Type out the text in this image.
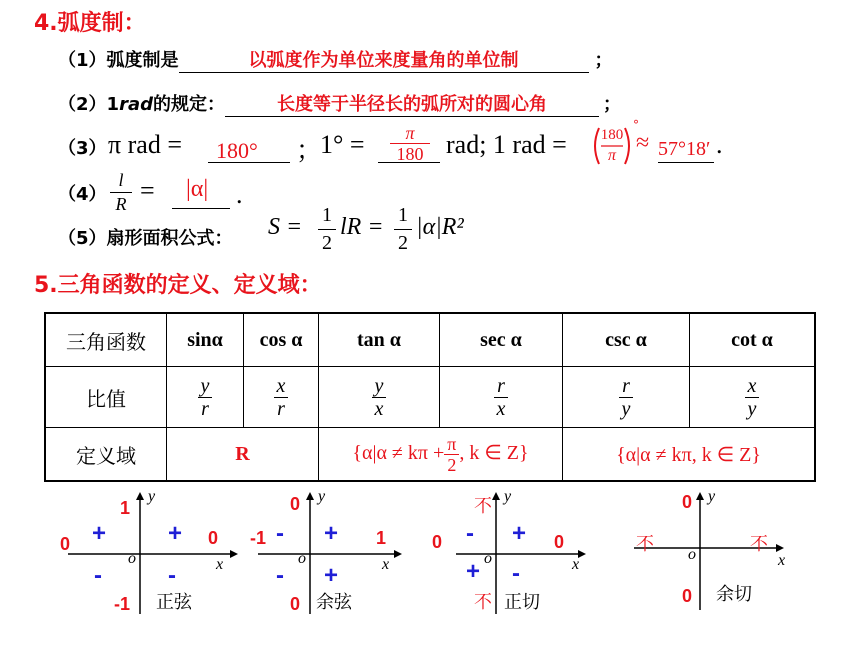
4.弧度制：
（1）弧度制是	以弧度作为单位来度量角的单位制	；
（2）1rad的规定：	长度等于半径长的弧所对的圆心角	；
（3） π rad = 180° ；
1° =	π
180 rad; 1 rad = 180
π
°
≈ 57°18′ .
（4）
l
R = |α| .
（5）扇形面积公式： S = 1
2
lR = 1
2
|α|R²
5.三角函数的定义、定义域：
三角函数	sinα	cos α	tan α	sec α	csc α	cot α
比值	$\frac{y}{r}$	$\frac{x}{r}$	$\frac{y}{x}$	$\frac{r}{x}$	$\frac{r}{y}$	$\frac{x}{y}$

定义域	R		{$\alpha|\alpha \ne k\pi + \frac{\pi}{2}$ , k ∈ Z}		{α|α ≠ kπ, k ∈ Z}	
1
-1
0	0
+
+
-	-	x
y
o
正弦
0
0
-1	1
+
-
- +	x
y
o
余弦
不
不
0	0
+
-
+ -	x
y
o
正切
0
0
不	不
x
y
o
余切
